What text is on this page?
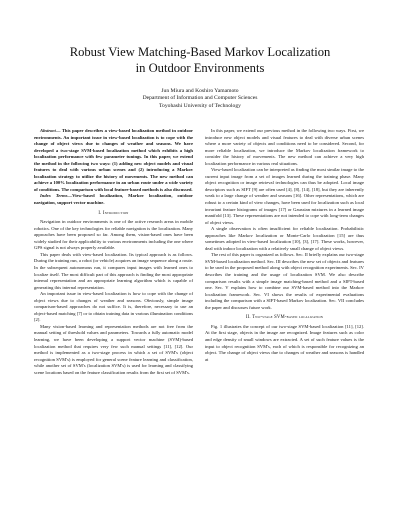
Robust View Matching-Based Markov Localization
in Outdoor Environments
Jun Miura and Koshiro Yamamoto
Department of Information and Computer Sciences
Toyohashi University of Technology

Abstract— This paper describes a view-based localization method in outdoor environments. An important issue in view-based localization is to cope with the change of object views due to changes of weather and seasons. We have developed a two-stage SVM-based localization method which exhibits a high localization performance with few parameter tunings. In this paper, we extend the method in the following two ways: (1) adding new object models and visual features to deal with various urban scenes and (2) introducing a Markov localization strategy to utilize the history of movements. The new method can achieve a 100% localization performance in an urban route under a wide variety of conditions. The comparison with local feature-based methods is also discussed.

Index Terms—View-based localization, Markov localization, outdoor navigation, support vector machine.

I. Introduction

Navigation in outdoor environments is one of the active research areas in mobile robotics. One of the key technologies for reliable navigation is the localization. Many approaches have been proposed so far. Among them, vision-based ones have been widely studied for their applicability to various environments including the one where GPS signal is not always properly available.

This paper deals with view-based localization. Its typical approach is as follows. During the training run, a robot (or vehicle) acquires an image sequence along a route. In the subsequent autonomous run, it compares input images with learned ones to localize itself. The most difficult part of this approach is finding the most appropriate internal representation and an appropriate learning algorithm which is capable of generating this internal representation.

An important issue in view-based localization is how to cope with the change of object views due to changes of weather and seasons. Obviously, simple image comparison-based approaches do not suffice. It is, therefore, necessary to use an object-based matching [7] or to obtain training data in various illumination conditions [2].

Many vision-based learning and representation methods are not free from the manual setting of threshold values and parameters. Towards a fully automatic model learning, we have been developing a support vector machine (SVM)-based localization method that requires very few such manual settings [11], [12]. Our method is implemented as a two-stage process in which a set of SVM's (object recognition SVM's) is employed for general scene feature learning and classification, while another set of SVM's (localization SVM's) is used for learning and classifying scene locations based on the feature classification results from the first set of SVM's.

In this paper, we extend our previous method in the following two ways. First, we introduce new object models and visual features to deal with diverse urban scenes where a more variety of objects and conditions need to be considered. Second, for more reliable localization, we introduce the Markov localization framework to consider the history of movements. The new method can achieve a very high localization performance in various real situations.

View-based localization can be interpreted as finding the most similar image to the current input image from a set of images learned during the training phase. Many object recognition or image retrieval technologies can thus be adopted. Local image descriptors such as SIFT [9] are often used [4], [8], [14], [18], but they are inherently weak to a large change of weather and seasons [16]. Other representations, which are robust to a certain kind of view changes, have been used for localization such as local invariant feature histograms of images [17] or Gaussian mixtures in a learned image manifold [13]. These representations are not intended to cope with long-term changes of object views.

A single observation is often insufficient for reliable localization. Probabilistic approaches like Markov localization or Monte-Carlo localization [15] are thus sometimes adopted in view-based localization [10], [3], [17]. These works, however, deal with indoor localization with a relatively small change of object views.

The rest of this paper is organized as follows. Sec. II briefly explains our two-stage SVM-based localization method. Sec. III describes the new set of objects and features to be used in the proposed method along with object recognition experiments. Sec. IV describes the training and the usage of localization SVM. We also describe comparison results with a simple image matching-based method and a SIFT-based one. Sec. V explains how to combine our SVM-based method into the Markov localization framework. Sec. VI shows the results of experimental evaluations including the comparison with a SIFT-based Markov localization. Sec. VII concludes the paper and discusses future work.

II. Two-stage SVM-based localization

Fig. 1 illustrates the concept of our two-stage SVM-based localization [11], [12]. At the first stage, objects in the image are recognized. Image features such as color and edge density of small windows are extracted. A set of such feature values is the input to object recognition SVM's, each of which is responsible for recognizing an object. The change of object views due to changes of weather and seasons is handled at
